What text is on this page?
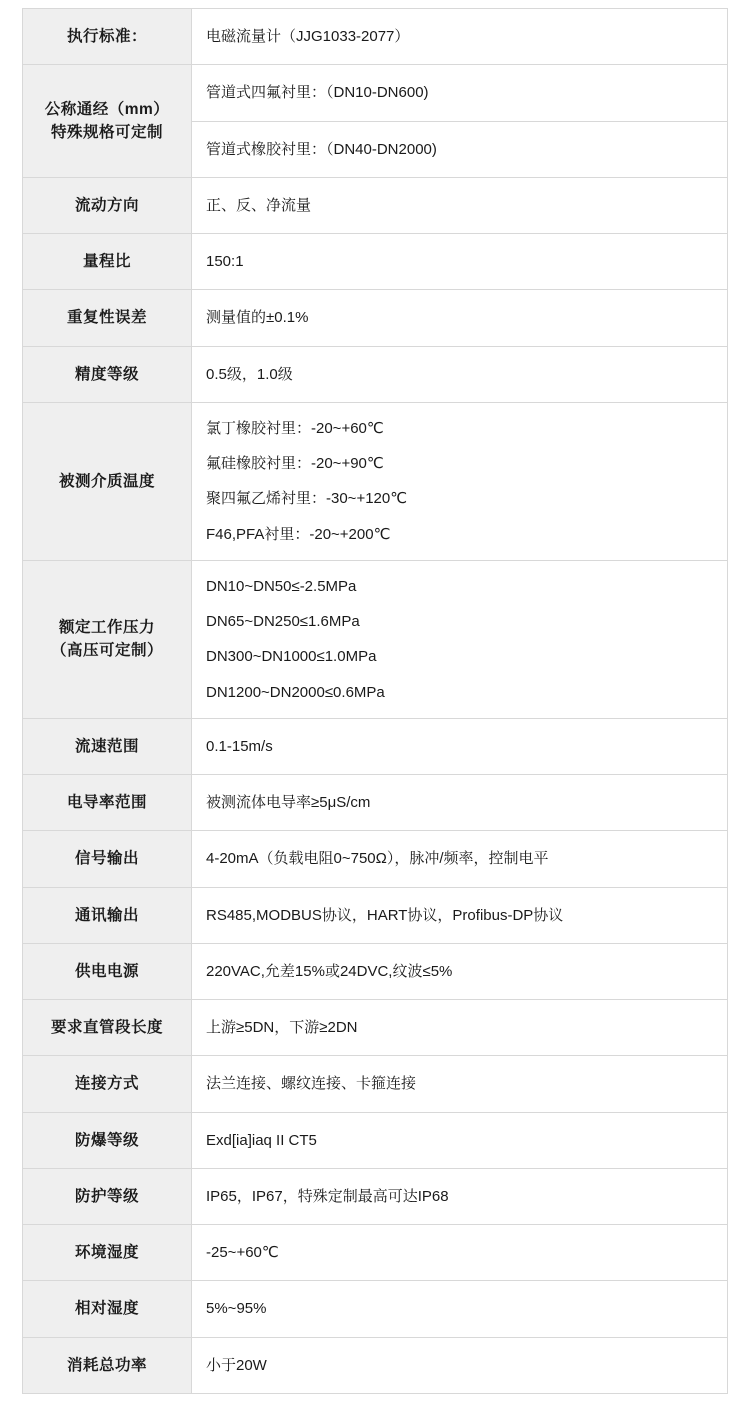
执行标准：	电磁流量计（JJG1033-2077）

公称通经（mm）
特殊规格可定制	管道式四氟衬里：（DN10-DN600)

	管道式橡胶衬里：（DN40-DN2000)

流动方向	正、反、净流量

量程比	150:1

重复性误差	测量值的±0.1%

精度等级	0.5级，1.0级

被测介质温度	氯丁橡胶衬里：-20~+60℃
氟硅橡胶衬里：-20~+90℃
聚四氟乙烯衬里：-30~+120℃
F46,PFA衬里：-20~+200℃

额定工作压力
（高压可定制）	DN10~DN50≤-2.5MPa
DN65~DN250≤1.6MPa
DN300~DN1000≤1.0MPa
DN1200~DN2000≤0.6MPa

流速范围	0.1-15m/s

电导率范围	被测流体电导率≥5μS/cm

信号输出	4-20mA（负载电阻0~750Ω），脉冲/频率，控制电平

通讯输出	RS485,MODBUS协议，HART协议，Profibus-DP协议

供电电源	220VAC,允差15%或24DVC,纹波≤5%

要求直管段长度	上游≥5DN，下游≥2DN

连接方式	法兰连接、螺纹连接、卡箍连接

防爆等级	Exd[ia]iaq II CT5

防护等级	IP65，IP67，特殊定制最高可达IP68

环境湿度	-25~+60℃

相对湿度	5%~95%

消耗总功率	小于20W
